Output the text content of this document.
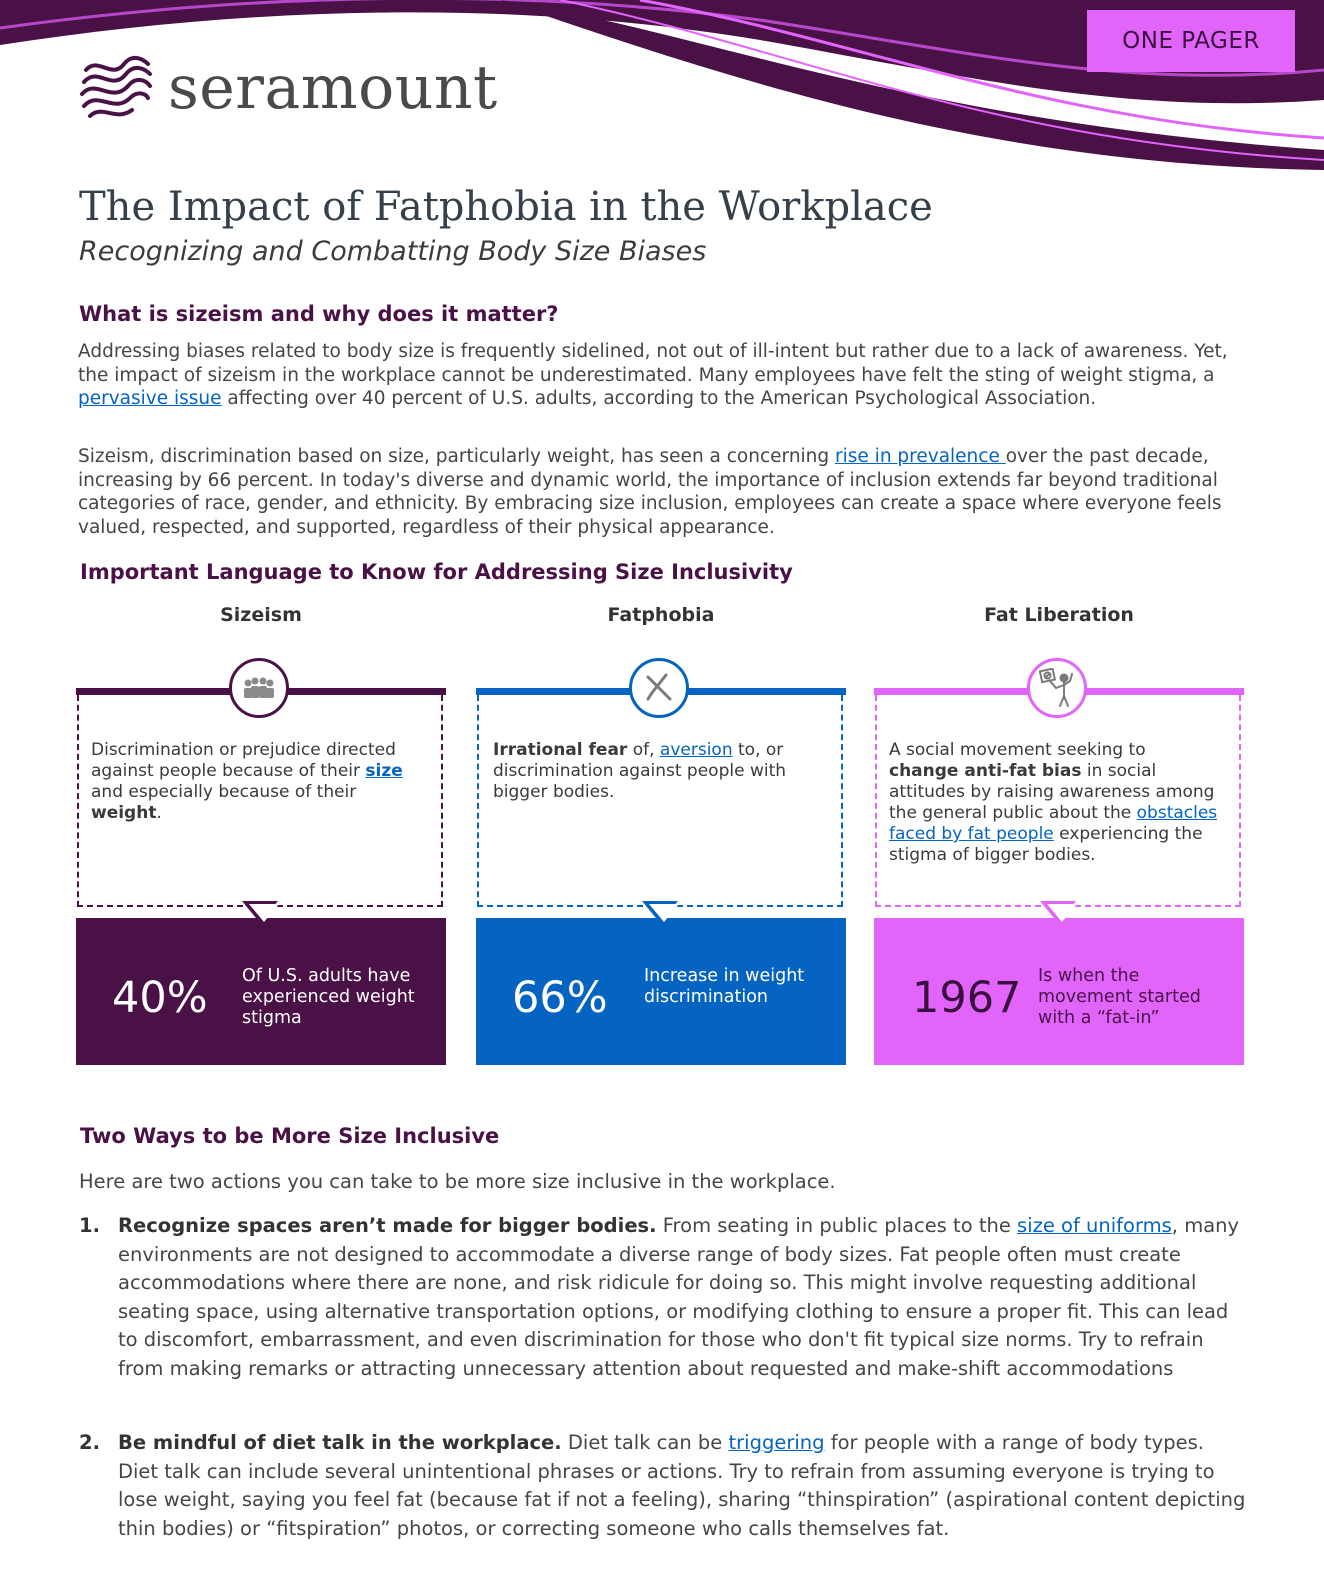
ONE PAGER
seramount
The Impact of Fatphobia in the Workplace
Recognizing and Combatting Body Size Biases
What is sizeism and why does it matter?

Addressing biases related to body size is frequently sidelined, not out of ill-intent but rather due to a lack of awareness. Yet, the impact of sizeism in the workplace cannot be underestimated. Many employees have felt the sting of weight stigma, a pervasive issue affecting over 40 percent of U.S. adults, according to the American Psychological Association.

Sizeism, discrimination based on size, particularly weight, has seen a concerning rise in prevalence over the past decade, increasing by 66 percent. In today's diverse and dynamic world, the importance of inclusion extends far beyond traditional categories of race, gender, and ethnicity. By embracing size inclusion, employees can create a space where everyone feels valued, respected, and supported, regardless of their physical appearance.

Important Language to Know for Addressing Size Inclusivity
Sizeism	Fatphobia	Fat Liberation

Discrimination or prejudice directed against people because of their size and especially because of their weight.

40% Of U.S. adults have experienced weight stigma

Irrational fear of, aversion to, or discrimination against people with bigger bodies.

66% Increase in weight discrimination

A social movement seeking to change anti-fat bias in social attitudes by raising awareness among the general public about the obstacles faced by fat people experiencing the stigma of bigger bodies.

1967 Is when the movement started with a “fat-in”
Two Ways to be More Size Inclusive
Here are two actions you can take to be more size inclusive in the workplace.
1. Recognize spaces aren’t made for bigger bodies. From seating in public places to the size of uniforms, many environments are not designed to accommodate a diverse range of body sizes. Fat people often must create accommodations where there are none, and risk ridicule for doing so. This might involve requesting additional seating space, using alternative transportation options, or modifying clothing to ensure a proper fit. This can lead to discomfort, embarrassment, and even discrimination for those who don't fit typical size norms. Try to refrain from making remarks or attracting unnecessary attention about requested and make-shift accommodations
2. Be mindful of diet talk in the workplace. Diet talk can be triggering for people with a range of body types. Diet talk can include several unintentional phrases or actions. Try to refrain from assuming everyone is trying to lose weight, saying you feel fat (because fat if not a feeling), sharing “thinspiration” (aspirational content depicting thin bodies) or “fitspiration” photos, or correcting someone who calls themselves fat.
